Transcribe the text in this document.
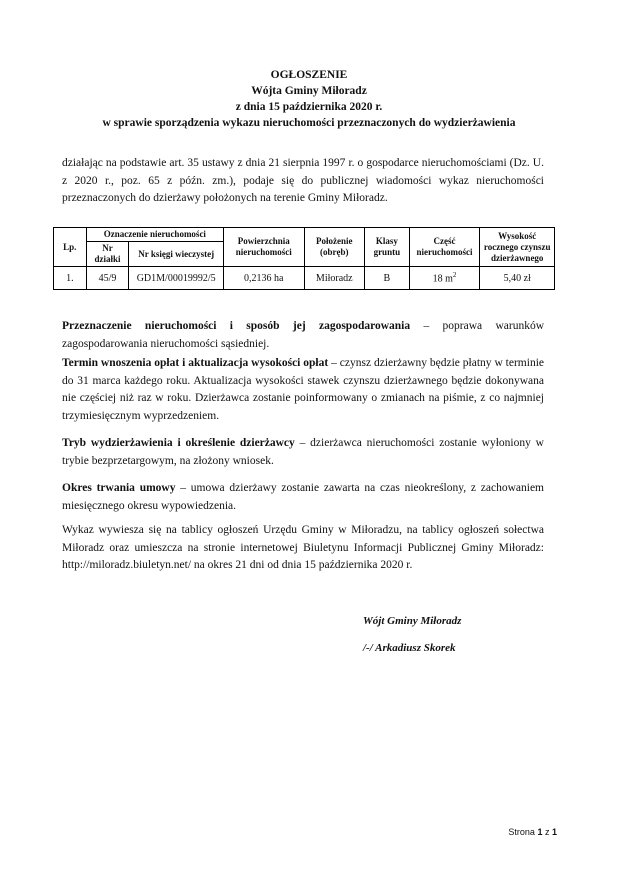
OGŁOSZENIE
Wójta Gminy Miłoradz
z dnia 15 października 2020 r.
w sprawie sporządzenia wykazu nieruchomości przeznaczonych do wydzierżawienia

działając na podstawie art. 35 ustawy z dnia 21 sierpnia 1997 r. o gospodarce nieruchomościami (Dz. U. z 2020 r., poz. 65 z późn. zm.), podaje się do publicznej wiadomości wykaz nieruchomości przeznaczonych do dzierżawy położonych na terenie Gminy Miłoradz.

Lp.	Oznaczenie nieruchomości		Powierzchnia nieruchomości	Położenie (obręb)	Klasy gruntu	Część nieruchomości	Wysokość rocznego czynszu dzierżawnego
	Nr działki	Nr księgi wieczystej					
1.	45/9	GD1M/00019992/5	0,2136 ha	Miłoradz	B	18 $m^2$	5,40 zł

Przeznaczenie nieruchomości i sposób jej zagospodarowania – poprawa warunków zagospodarowania nieruchomości sąsiedniej.

Termin wnoszenia opłat i aktualizacja wysokości opłat – czynsz dzierżawny będzie płatny w terminie do 31 marca każdego roku. Aktualizacja wysokości stawek czynszu dzierżawnego będzie dokonywana nie częściej niż raz w roku. Dzierżawca zostanie poinformowany o zmianach na piśmie, z co najmniej trzymiesięcznym wyprzedzeniem.

Tryb wydzierżawienia i określenie dzierżawcy – dzierżawca nieruchomości zostanie wyłoniony w trybie bezprzetargowym, na złożony wniosek.

Okres trwania umowy – umowa dzierżawy zostanie zawarta na czas nieokreślony, z zachowaniem miesięcznego okresu wypowiedzenia.

Wykaz wywiesza się na tablicy ogłoszeń Urzędu Gminy w Miłoradzu, na tablicy ogłoszeń sołectwa Miłoradz oraz umieszcza na stronie internetowej Biuletynu Informacji Publicznej Gminy Miłoradz: http://miloradz.biuletyn.net/ na okres 21 dni od dnia 15 października 2020 r.

Wójt Gminy Miłoradz
/-/ Arkadiusz Skorek
Strona 1 z 1
